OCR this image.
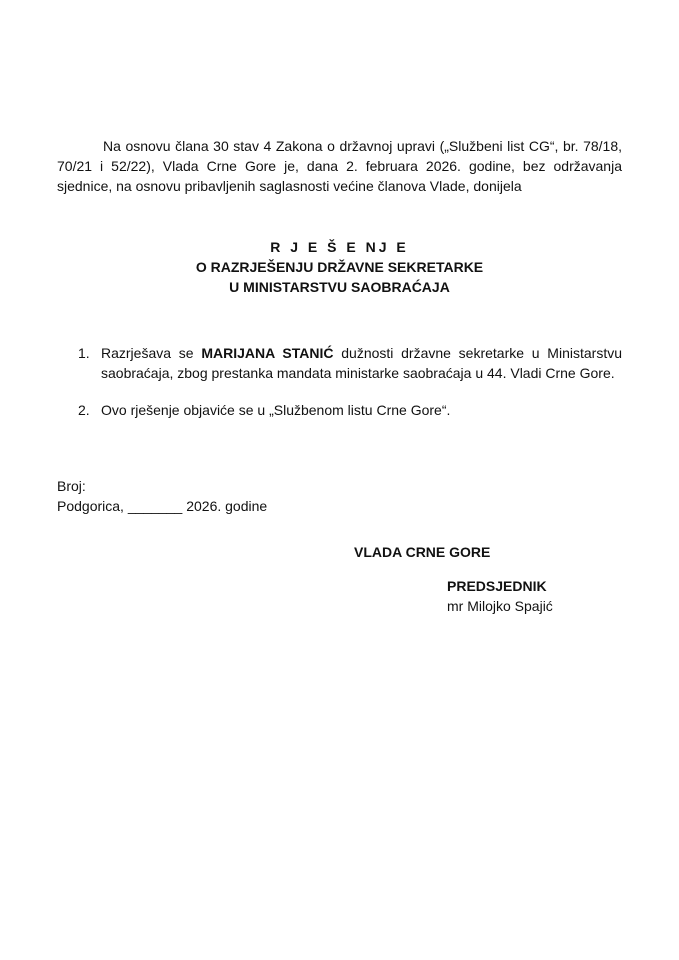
Na osnovu člana 30 stav 4 Zakona o državnoj upravi („Službeni list CG“, br. 78/18, 70/21 i 52/22), Vlada Crne Gore je, dana 2. februara 2026. godine, bez održavanja sjednice, na osnovu pribavljenih saglasnosti većine članova Vlade, donijela

R J E Š E NJ E
O RAZRJEŠENJU DRŽAVNE SEKRETARKE
U MINISTARSTVU SAOBRAĆAJA
1. Razrješava se MARIJANA STANIĆ dužnosti državne sekretarke u Ministarstvu saobraćaja, zbog prestanka mandata ministarke saobraćaja u 44. Vladi Crne Gore.
2. Ovo rješenje objaviće se u „Službenom listu Crne Gore“.
Broj:
Podgorica, _______ 2026. godine
VLADA CRNE GORE
PREDSJEDNIK
mr Milojko Spajić
